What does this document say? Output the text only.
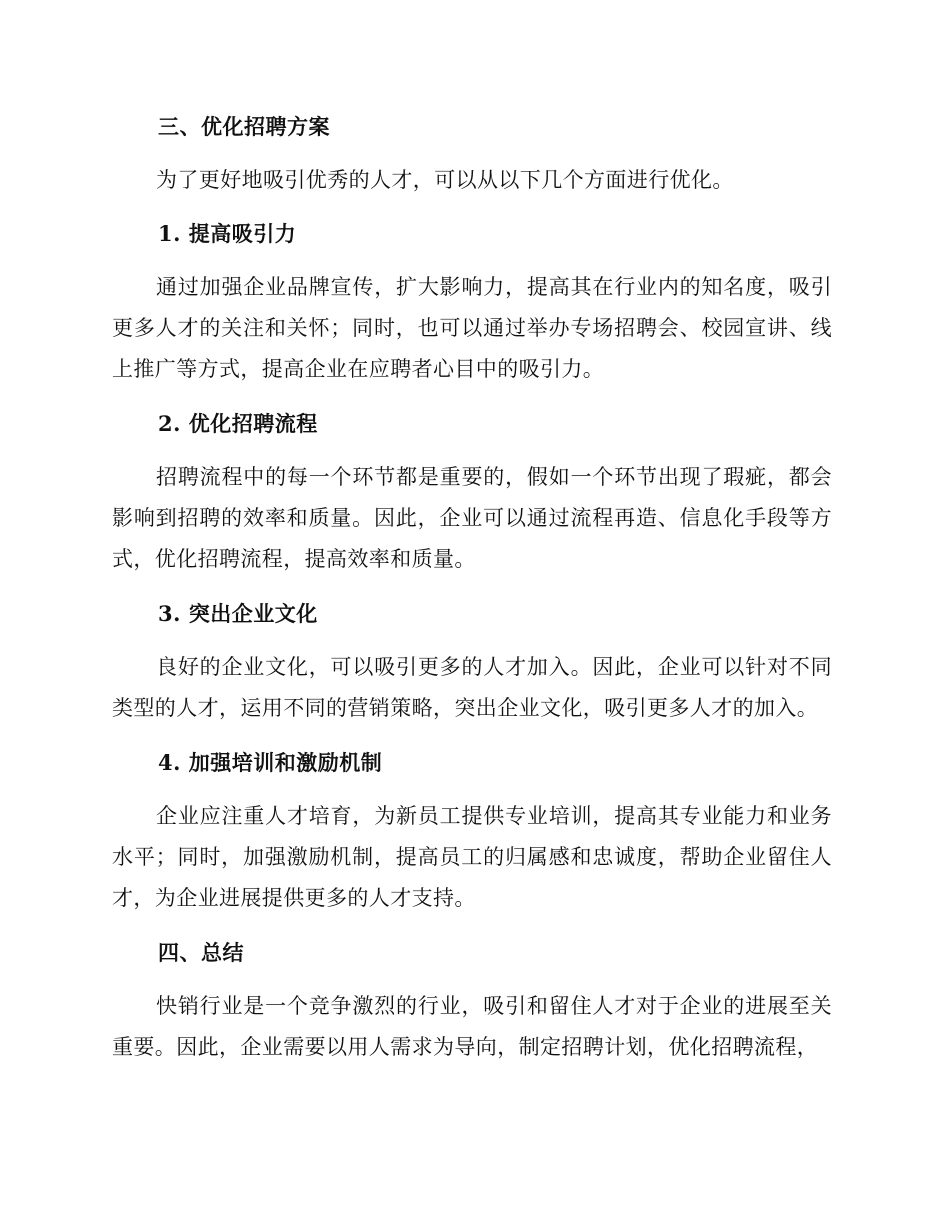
三、优化招聘方案

为了更好地吸引优秀的人才，可以从以下几个方面进行优化。

1. 提高吸引力

通过加强企业品牌宣传，扩大影响力，提高其在行业内的知名度，吸引更多人才的关注和关怀；同时，也可以通过举办专场招聘会、校园宣讲、线上推广等方式，提高企业在应聘者心目中的吸引力。

2. 优化招聘流程

招聘流程中的每一个环节都是重要的，假如一个环节出现了瑕疵，都会影响到招聘的效率和质量。因此，企业可以通过流程再造、信息化手段等方式，优化招聘流程，提高效率和质量。

3. 突出企业文化

良好的企业文化，可以吸引更多的人才加入。因此，企业可以针对不同类型的人才，运用不同的营销策略，突出企业文化，吸引更多人才的加入。

4. 加强培训和激励机制

企业应注重人才培育，为新员工提供专业培训，提高其专业能力和业务水平；同时，加强激励机制，提高员工的归属感和忠诚度，帮助企业留住人才，为企业进展提供更多的人才支持。

四、总结

快销行业是一个竞争激烈的行业，吸引和留住人才对于企业的进展至关重要。因此，企业需要以用人需求为导向，制定招聘计划，优化招聘流程，
